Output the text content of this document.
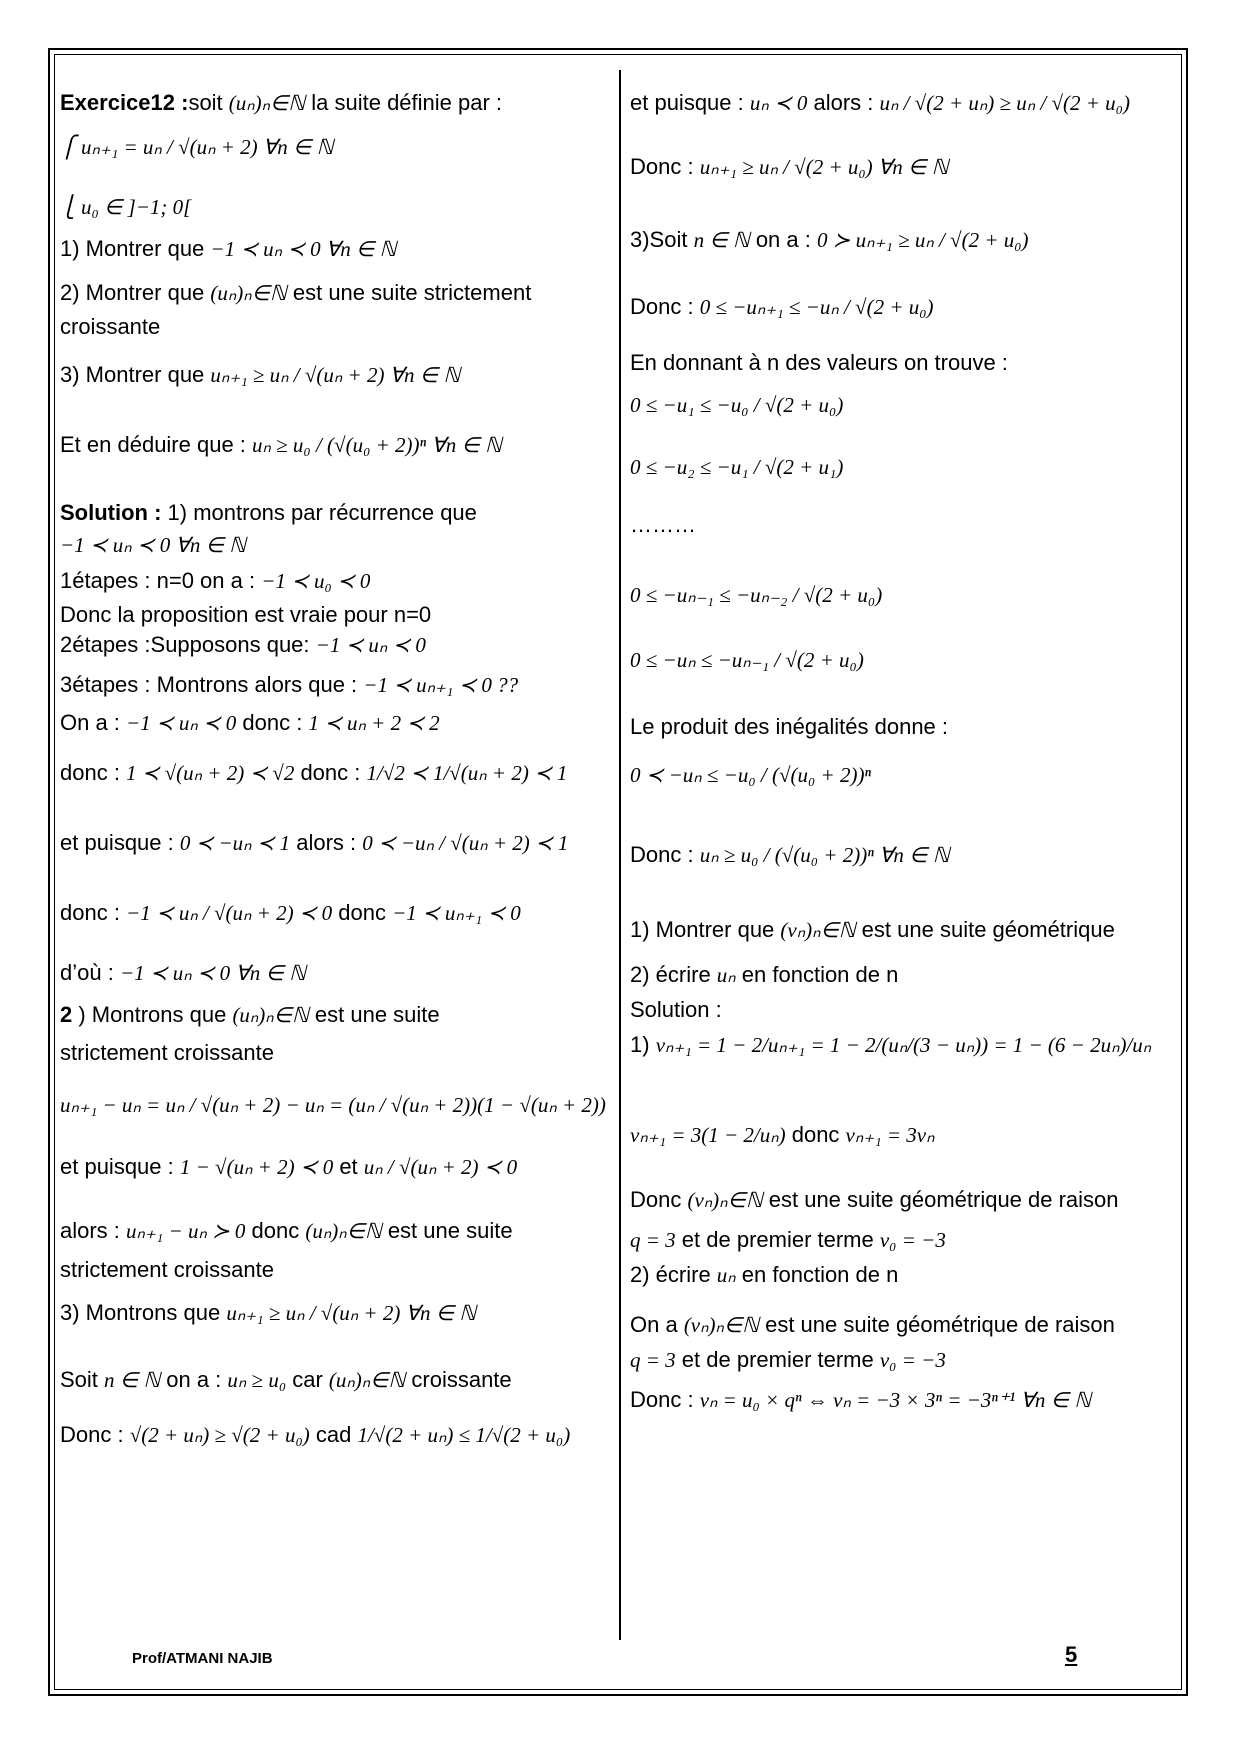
Exercice12 :soit (uₙ)ₙ∈ℕ la suite définie par :
⎧ uₙ₊₁ = uₙ / √(uₙ + 2) ∀n ∈ ℕ
⎩ u₀ ∈ ]−1; 0[
1) Montrer que −1 ≺ uₙ ≺ 0 ∀n ∈ ℕ
2) Montrer que (uₙ)ₙ∈ℕ est une suite strictement
croissante
3) Montrer que uₙ₊₁ ≥ uₙ / √(uₙ + 2) ∀n ∈ ℕ
Et en déduire que : uₙ ≥ u₀ / (√(u₀ + 2))ⁿ ∀n ∈ ℕ
Solution : 1) montrons par récurrence que
−1 ≺ uₙ ≺ 0 ∀n ∈ ℕ
1étapes : n=0 on a : −1 ≺ u₀ ≺ 0
Donc la proposition est vraie pour n=0
2étapes :Supposons que: −1 ≺ uₙ ≺ 0
3étapes : Montrons alors que : −1 ≺ uₙ₊₁ ≺ 0 ??
On a : −1 ≺ uₙ ≺ 0 donc : 1 ≺ uₙ + 2 ≺ 2
donc : 1 ≺ √(uₙ + 2) ≺ √2 donc : 1/√2 ≺ 1/√(uₙ + 2) ≺ 1
et puisque : 0 ≺ −uₙ ≺ 1 alors : 0 ≺ −uₙ / √(uₙ + 2) ≺ 1
donc : −1 ≺ uₙ / √(uₙ + 2) ≺ 0 donc −1 ≺ uₙ₊₁ ≺ 0
d’où : −1 ≺ uₙ ≺ 0 ∀n ∈ ℕ
2 ) Montrons que (uₙ)ₙ∈ℕ est une suite
strictement croissante
uₙ₊₁ − uₙ = uₙ / √(uₙ + 2) − uₙ = (uₙ / √(uₙ + 2))(1 − √(uₙ + 2))
et puisque : 1 − √(uₙ + 2) ≺ 0 et uₙ / √(uₙ + 2) ≺ 0
alors : uₙ₊₁ − uₙ ≻ 0 donc (uₙ)ₙ∈ℕ est une suite
strictement croissante
3) Montrons que uₙ₊₁ ≥ uₙ / √(uₙ + 2) ∀n ∈ ℕ
Soit n ∈ ℕ on a : uₙ ≥ u₀ car (uₙ)ₙ∈ℕ croissante
Donc : √(2 + uₙ) ≥ √(2 + u₀) cad 1/√(2 + uₙ) ≤ 1/√(2 + u₀)
et puisque : uₙ ≺ 0 alors : uₙ / √(2 + uₙ) ≥ uₙ / √(2 + u₀)
Donc : uₙ₊₁ ≥ uₙ / √(2 + u₀) ∀n ∈ ℕ
3)Soit n ∈ ℕ on a : 0 ≻ uₙ₊₁ ≥ uₙ / √(2 + u₀)
Donc : 0 ≤ −uₙ₊₁ ≤ −uₙ / √(2 + u₀)
En donnant à n des valeurs on trouve :
0 ≤ −u₁ ≤ −u₀ / √(2 + u₀)
0 ≤ −u₂ ≤ −u₁ / √(2 + u₁)
………
0 ≤ −uₙ₋₁ ≤ −uₙ₋₂ / √(2 + u₀)
0 ≤ −uₙ ≤ −uₙ₋₁ / √(2 + u₀)
Le produit des inégalités donne :
0 ≺ −uₙ ≤ −u₀ / (√(u₀ + 2))ⁿ
Donc : uₙ ≥ u₀ / (√(u₀ + 2))ⁿ ∀n ∈ ℕ
1) Montrer que (vₙ)ₙ∈ℕ est une suite géométrique
2) écrire uₙ en fonction de n
Solution :
1) vₙ₊₁ = 1 − 2/uₙ₊₁ = 1 − 2/(uₙ/(3 − uₙ)) = 1 − (6 − 2uₙ)/uₙ
vₙ₊₁ = 3(1 − 2/uₙ) donc vₙ₊₁ = 3vₙ
Donc (vₙ)ₙ∈ℕ est une suite géométrique de raison
q = 3 et de premier terme v₀ = −3
2) écrire uₙ en fonction de n
On a (vₙ)ₙ∈ℕ est une suite géométrique de raison
q = 3 et de premier terme v₀ = −3
Donc : vₙ = u₀ × qⁿ ⇔ vₙ = −3 × 3ⁿ = −3ⁿ⁺¹ ∀n ∈ ℕ
Prof/ATMANI NAJIB	5
